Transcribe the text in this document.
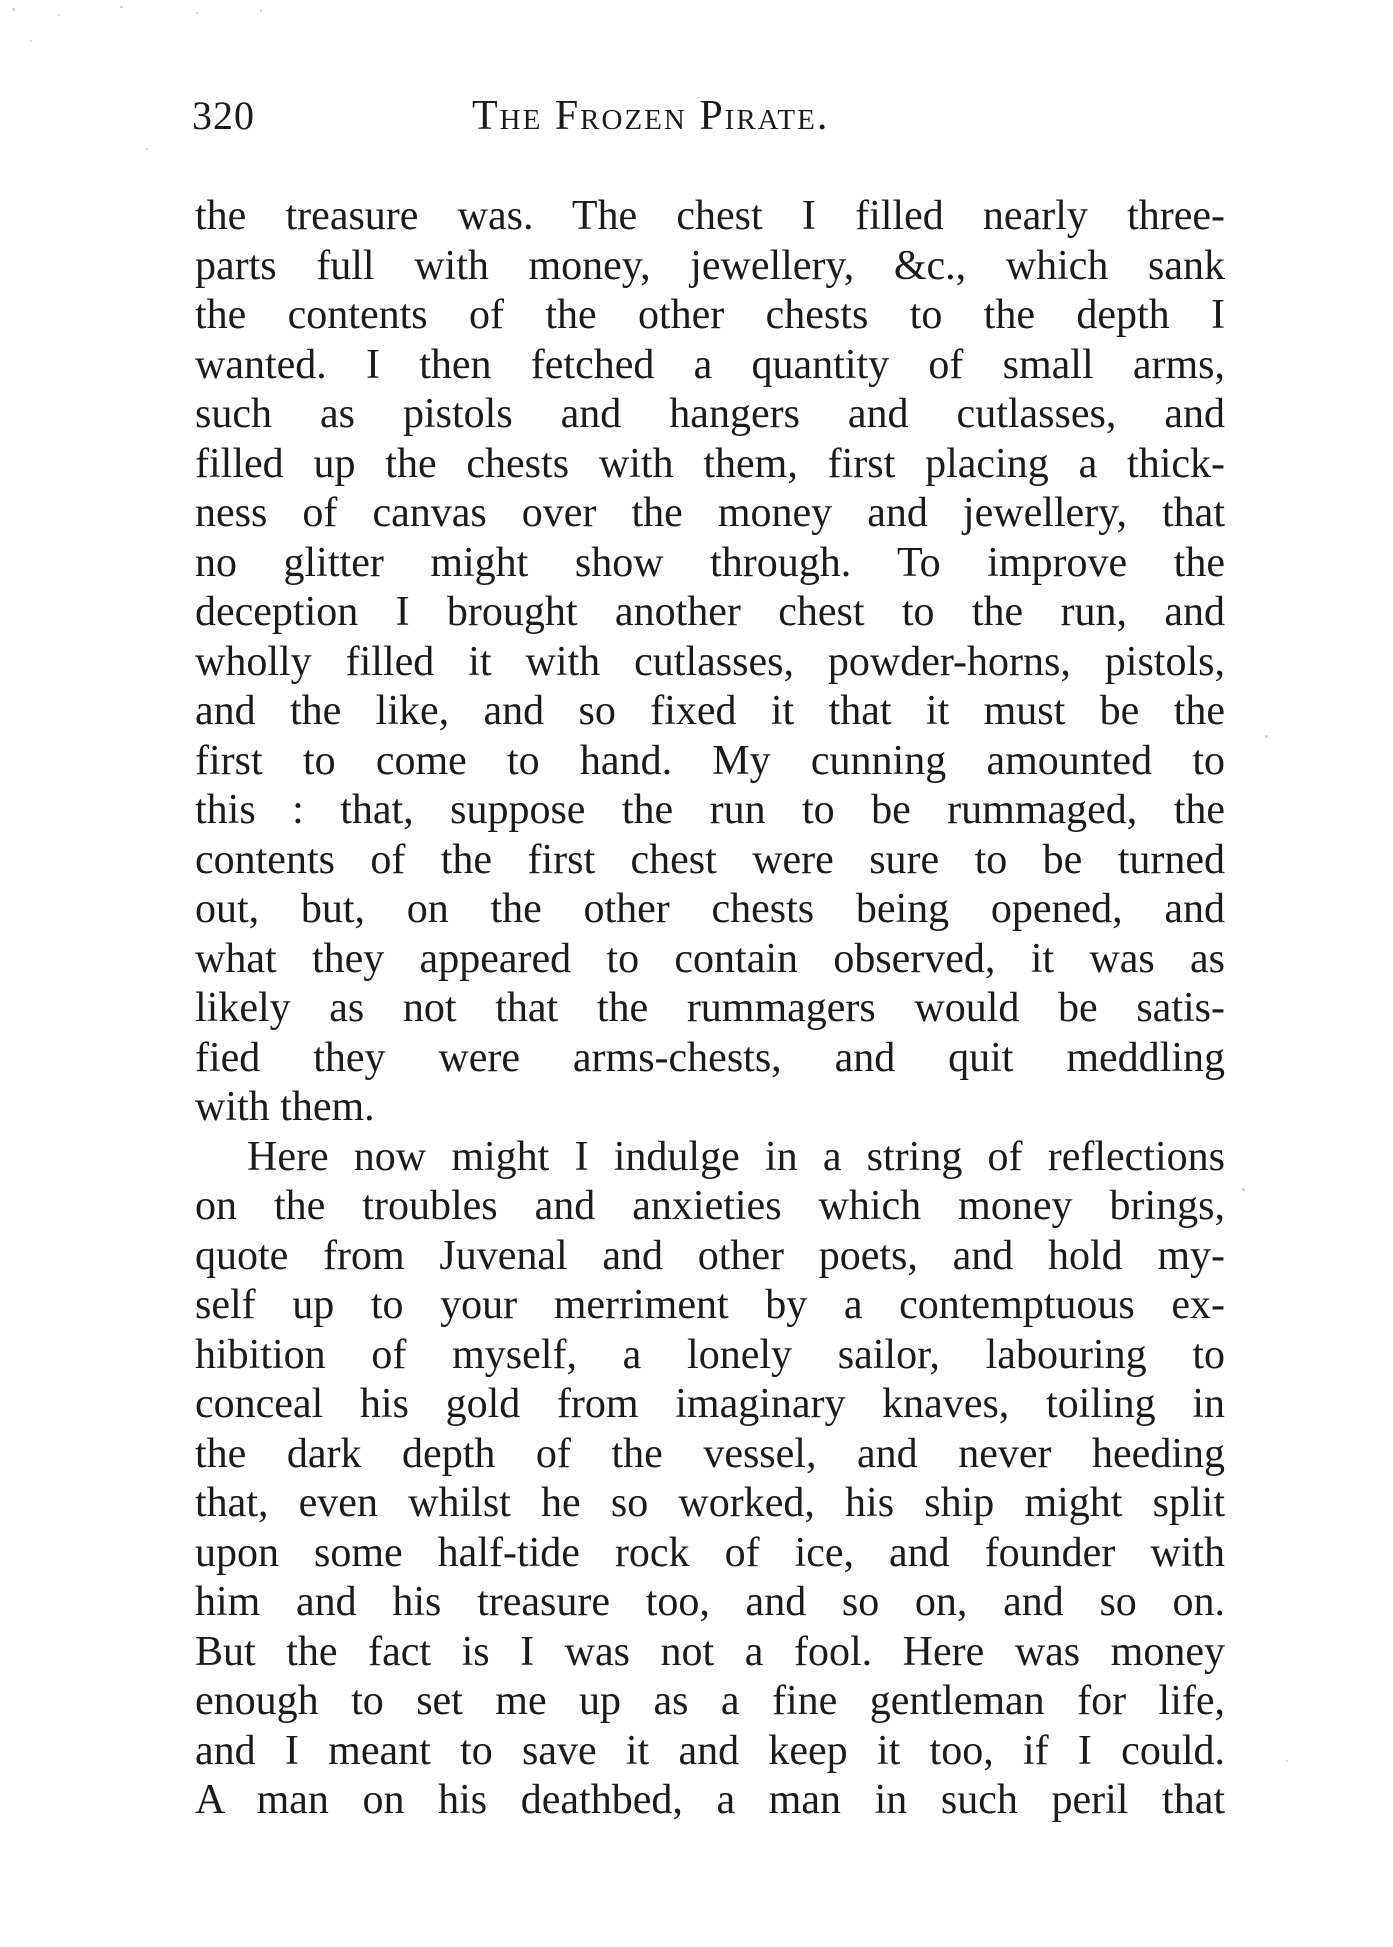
320	The Frozen Pirate.
the treasure was. The chest I filled nearly three-
parts full with money, jewellery, &c., which sank
the contents of the other chests to the depth I
wanted. I then fetched a quantity of small arms,
such as pistols and hangers and cutlasses, and
filled up the chests with them, first placing a thick-
ness of canvas over the money and jewellery, that
no glitter might show through. To improve the
deception I brought another chest to the run, and
wholly filled it with cutlasses, powder-horns, pistols,
and the like, and so fixed it that it must be the
first to come to hand. My cunning amounted to
this : that, suppose the run to be rummaged, the
contents of the first chest were sure to be turned
out, but, on the other chests being opened, and
what they appeared to contain observed, it was as
likely as not that the rummagers would be satis-
fied they were arms-chests, and quit meddling
with them.
Here now might I indulge in a string of reflections
on the troubles and anxieties which money brings,
quote from Juvenal and other poets, and hold my-
self up to your merriment by a contemptuous ex-
hibition of myself, a lonely sailor, labouring to
conceal his gold from imaginary knaves, toiling in
the dark depth of the vessel, and never heeding
that, even whilst he so worked, his ship might split
upon some half-tide rock of ice, and founder with
him and his treasure too, and so on, and so on.
But the fact is I was not a fool. Here was money
enough to set me up as a fine gentleman for life,
and I meant to save it and keep it too, if I could.
A man on his deathbed, a man in such peril that
